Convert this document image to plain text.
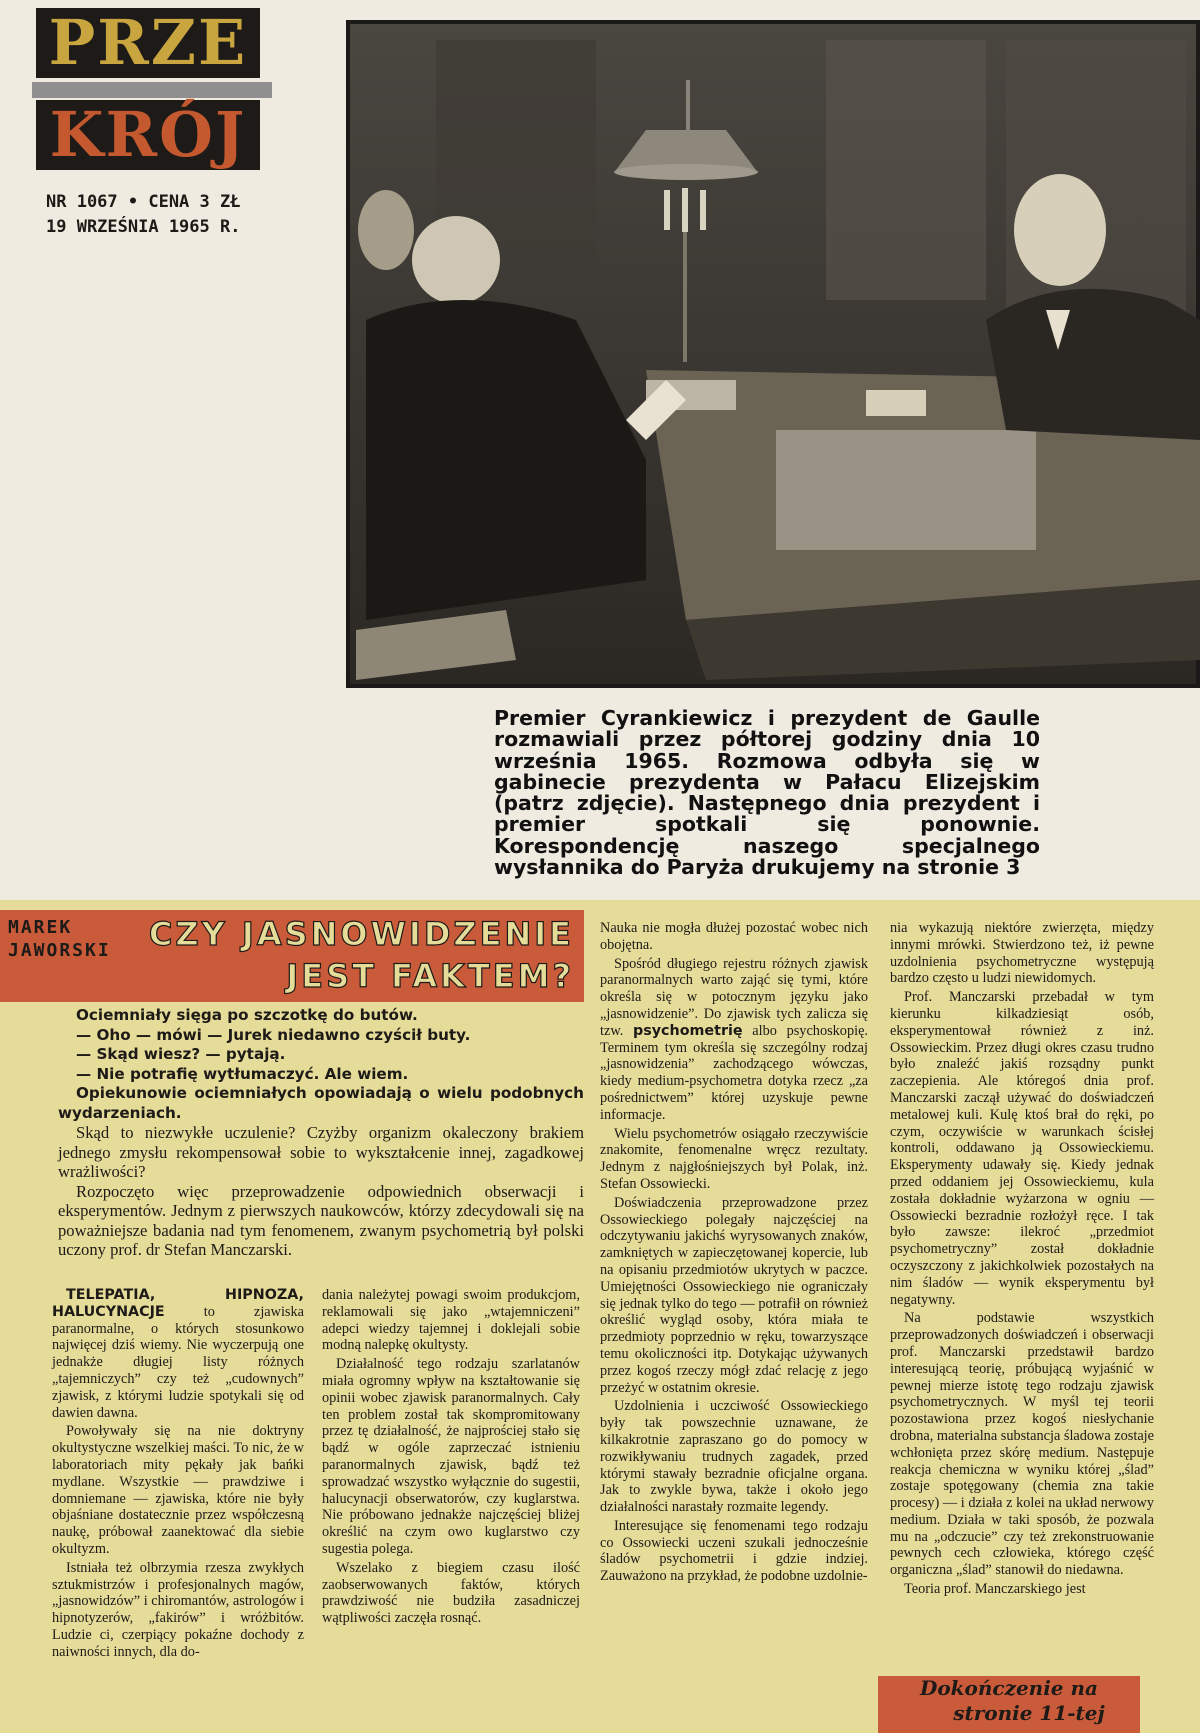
PRZE
KRÓJ
NR 1067 • CENA 3 ZŁ
19 WRZEŚNIA 1965 R.
Premier Cyrankiewicz i prezydent de Gaulle rozmawiali przez półtorej godziny dnia 10 września 1965. Rozmowa odbyła się w gabinecie prezydenta w Pałacu Elizejskim (patrz zdjęcie). Następnego dnia prezydent i premier spotkali się ponownie. Korespondencję naszego specjalnego wysłannika do Paryża drukujemy na stronie 3
MAREK
JAWORSKI	CZY JASNOWIDZENIE
JEST FAKTEM?

Ociemniały sięga po szczotkę do butów.

— Oho — mówi — Jurek niedawno czyścił buty.

— Skąd wiesz? — pytają.

— Nie potrafię wytłumaczyć. Ale wiem.

Opiekunowie ociemniałych opowiadają o wielu podobnych wydarzeniach.

Skąd to niezwykłe uczulenie? Czyżby organizm okaleczony brakiem jednego zmysłu rekompensował sobie to wykształcenie innej, zagadkowej wrażliwości?

Rozpoczęto więc przeprowadzenie odpowiednich obserwacji i eksperymentów. Jednym z pierwszych naukowców, którzy zdecydowali się na poważniejsze badania nad tym fenomenem, zwanym psychometrią był polski uczony prof. dr Stefan Manczarski.

TELEPATIA, HIPNOZA, HALUCYNACJE to zjawiska paranormalne, o których stosunkowo najwięcej dziś wiemy. Nie wyczerpują one jednakże długiej listy różnych „tajemniczych” czy też „cudownych” zjawisk, z którymi ludzie spotykali się od dawien dawna.

Powoływały się na nie doktryny okultystyczne wszelkiej maści. To nic, że w laboratoriach mity pękały jak bańki mydlane. Wszystkie — prawdziwe i domniemane — zjawiska, które nie były objaśniane dostatecznie przez współczesną naukę, próbował zaanektować dla siebie okultyzm.

Istniała też olbrzymia rzesza zwykłych sztukmistrzów i profesjonalnych magów, „jasnowidzów” i chiromantów, astrologów i hipnotyzerów, „fakirów” i wróżbitów. Ludzie ci, czerpiący pokaźne dochody z naiwności innych, dla do-

dania należytej powagi swoim produkcjom, reklamowali się jako „wtajemniczeni” adepci wiedzy tajemnej i doklejali sobie modną nalepkę okultysty.

Działalność tego rodzaju szarlatanów miała ogromny wpływ na kształtowanie się opinii wobec zjawisk paranormalnych. Cały ten problem został tak skompromitowany przez tę działalność, że najprościej stało się bądź w ogóle zaprzeczać istnieniu paranormalnych zjawisk, bądź też sprowadzać wszystko wyłącznie do sugestii, halucynacji obserwatorów, czy kuglarstwa. Nie próbowano jednakże najczęściej bliżej określić na czym owo kuglarstwo czy sugestia polega.

Wszelako z biegiem czasu ilość zaobserwowanych faktów, których prawdziwość nie budziła zasadniczej wątpliwości zaczęła rosnąć.

Nauka nie mogła dłużej pozostać wobec nich obojętna.

Spośród długiego rejestru różnych zjawisk paranormalnych warto zająć się tymi, które określa się w potocznym języku jako „jasnowidzenie”. Do zjawisk tych zalicza się tzw. psychometrię albo psychoskopię. Terminem tym określa się szczególny rodzaj „jasnowidzenia” zachodzącego wówczas, kiedy medium-psychometra dotyka rzecz „za pośrednictwem” której uzyskuje pewne informacje.

Wielu psychometrów osiągało rzeczywiście znakomite, fenomenalne wręcz rezultaty. Jednym z najgłośniejszych był Polak, inż. Stefan Ossowiecki.

Doświadczenia przeprowadzone przez Ossowieckiego polegały najczęściej na odczytywaniu jakichś wyrysowanych znaków, zamkniętych w zapieczętowanej kopercie, lub na opisaniu przedmiotów ukrytych w paczce. Umiejętności Ossowieckiego nie ograniczały się jednak tylko do tego — potrafił on również określić wygląd osoby, która miała te przedmioty poprzednio w ręku, towarzyszące temu okoliczności itp. Dotykając używanych przez kogoś rzeczy mógł zdać relację z jego przeżyć w ostatnim okresie.

Uzdolnienia i uczciwość Ossowieckiego były tak powszechnie uznawane, że kilkakrotnie zapraszano go do pomocy w rozwikływaniu trudnych zagadek, przed którymi stawały bezradnie oficjalne organa. Jak to zwykle bywa, także i około jego działalności narastały rozmaite legendy.

Interesujące się fenomenami tego rodzaju co Ossowiecki uczeni szukali jednocześnie śladów psychometrii i gdzie indziej. Zauważono na przykład, że podobne uzdolnie-

nia wykazują niektóre zwierzęta, między innymi mrówki. Stwierdzono też, iż pewne uzdolnienia psychometryczne występują bardzo często u ludzi niewidomych.

Prof. Manczarski przebadał w tym kierunku kilkadziesiąt osób, eksperymentował również z inż. Ossowieckim. Przez długi okres czasu trudno było znaleźć jakiś rozsądny punkt zaczepienia. Ale któregoś dnia prof. Manczarski zaczął używać do doświadczeń metalowej kuli. Kulę ktoś brał do ręki, po czym, oczywiście w warunkach ścisłej kontroli, oddawano ją Ossowieckiemu. Eksperymenty udawały się. Kiedy jednak przed oddaniem jej Ossowieckiemu, kula została dokładnie wyżarzona w ogniu — Ossowiecki bezradnie rozłożył ręce. I tak było zawsze: ilekroć „przedmiot psychometryczny” został dokładnie oczyszczony z jakichkolwiek pozostałych na nim śladów — wynik eksperymentu był negatywny.

Na podstawie wszystkich przeprowadzonych doświadczeń i obserwacji prof. Manczarski przedstawił bardzo interesującą teorię, próbującą wyjaśnić w pewnej mierze istotę tego rodzaju zjawisk psychometrycznych. W myśl tej teorii pozostawiona przez kogoś niesłychanie drobna, materialna substancja śladowa zostaje wchłonięta przez skórę medium. Następuje reakcja chemiczna w wyniku której „ślad” zostaje spotęgowany (chemia zna takie procesy) — i działa z kolei na układ nerwowy medium. Działa w taki sposób, że pozwala mu na „odczucie” czy też zrekonstruowanie pewnych cech człowieka, którego część organiczna „ślad” stanowił do niedawna.

Teoria prof. Manczarskiego jest

Dokończenie na
stronie 11-tej
